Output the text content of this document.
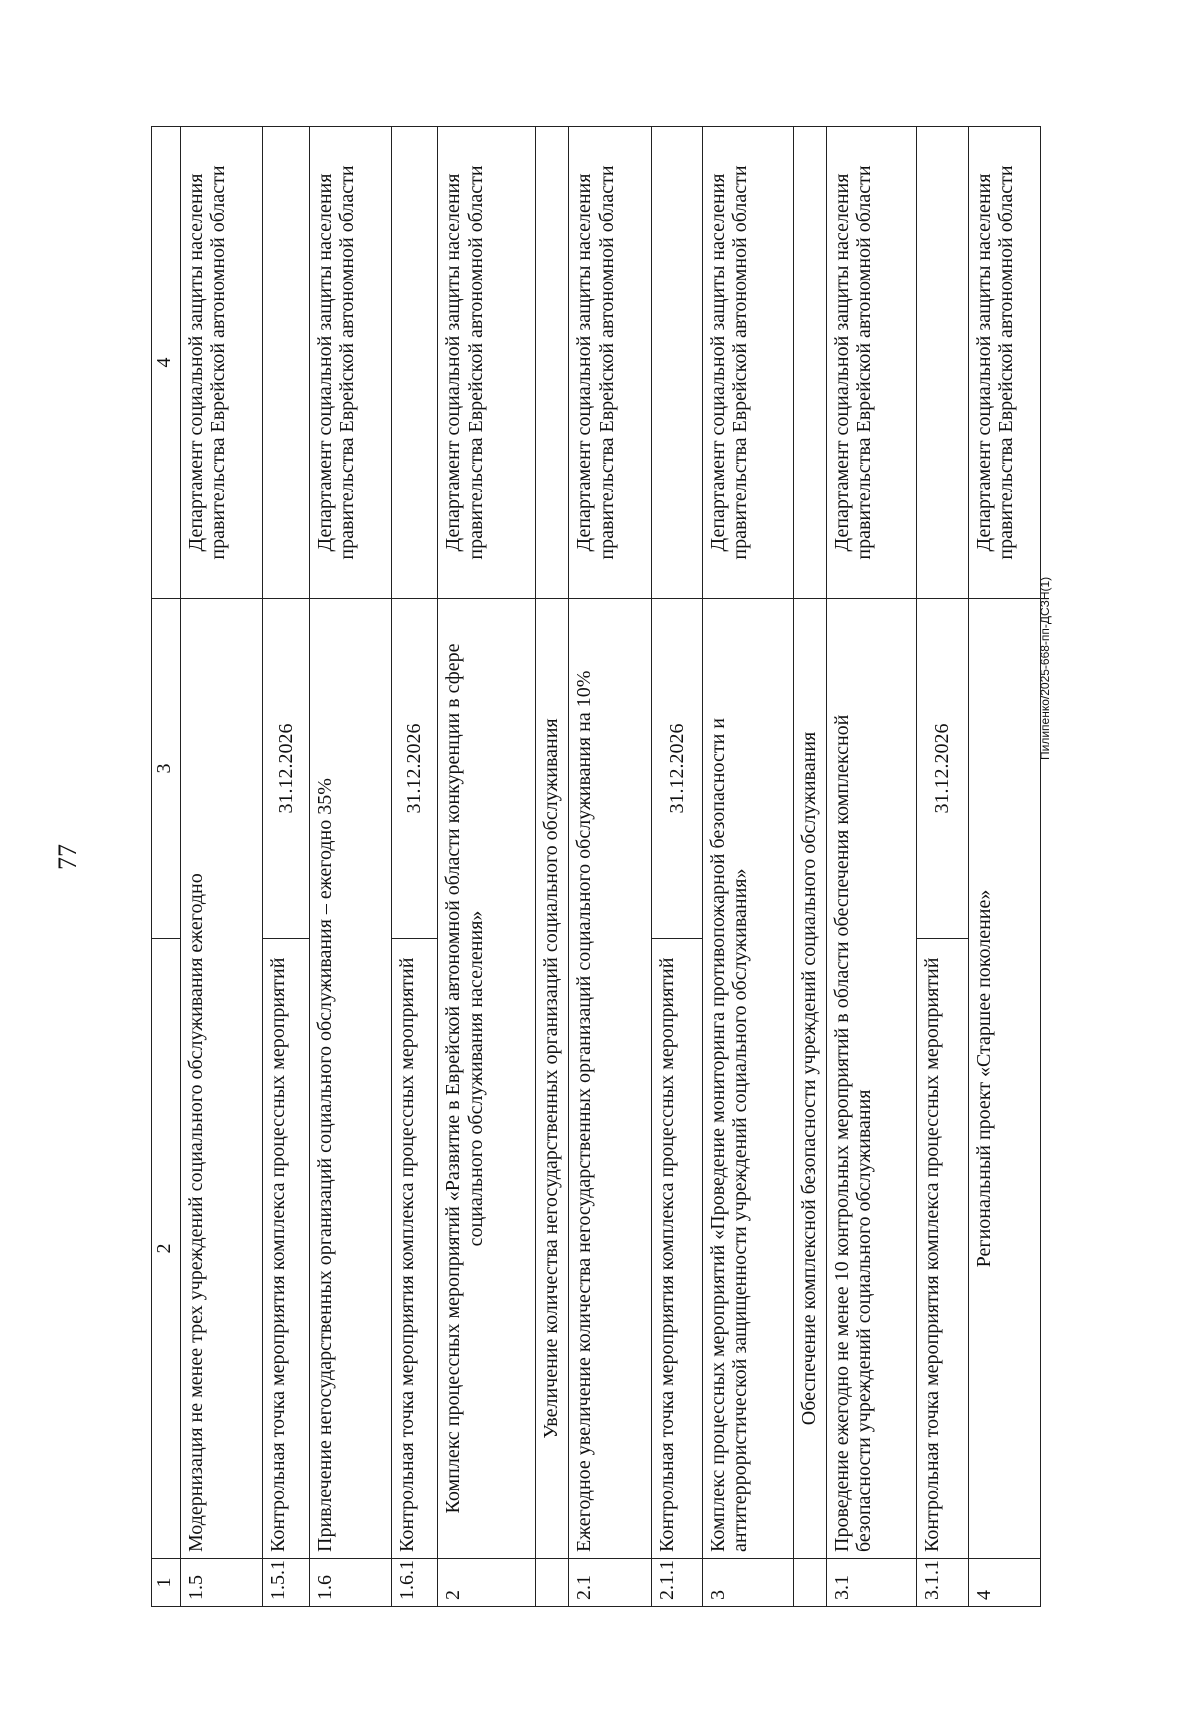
77
Пилипенко/2025-668-пп-ДСЗН(1)
1	2	3	4
1.5	Модернизация не менее трех учреждений социального обслуживания ежегодно		Департамент социальной защиты населения правительства Еврейской автономной области
1.5.1	Контрольная точка мероприятия комплекса процессных мероприятий	31.12.2026	
1.6	Привлечение негосударственных организаций социального обслуживания – ежегодно 35%		Департамент социальной защиты населения правительства Еврейской автономной области
1.6.1	Контрольная точка мероприятия комплекса процессных мероприятий	31.12.2026	
2	Комплекс процессных мероприятий «Развитие в Еврейской автономной области конкуренции в сфере социального обслуживания населения»		Департамент социальной защиты населения правительства Еврейской автономной области
	Увеличение количества негосударственных организаций социального обслуживания		
2.1	Ежегодное увеличение количества негосударственных организаций социального обслуживания на 10%		Департамент социальной защиты населения правительства Еврейской автономной области
2.1.1	Контрольная точка мероприятия комплекса процессных мероприятий	31.12.2026	
3	Комплекс процессных мероприятий «Проведение мониторинга противопожарной безопасности и антитеррористической защищенности учреждений социального обслуживания»		Департамент социальной защиты населения правительства Еврейской автономной области
	Обеспечение комплексной безопасности учреждений социального обслуживания		
3.1	Проведение ежегодно не менее 10 контрольных мероприятий в области обеспечения комплексной безопасности учреждений социального обслуживания		Департамент социальной защиты населения правительства Еврейской автономной области
3.1.1	Контрольная точка мероприятия комплекса процессных мероприятий	31.12.2026	
4	Региональный проект «Старшее поколение»		Департамент социальной защиты населения правительства Еврейской автономной области
